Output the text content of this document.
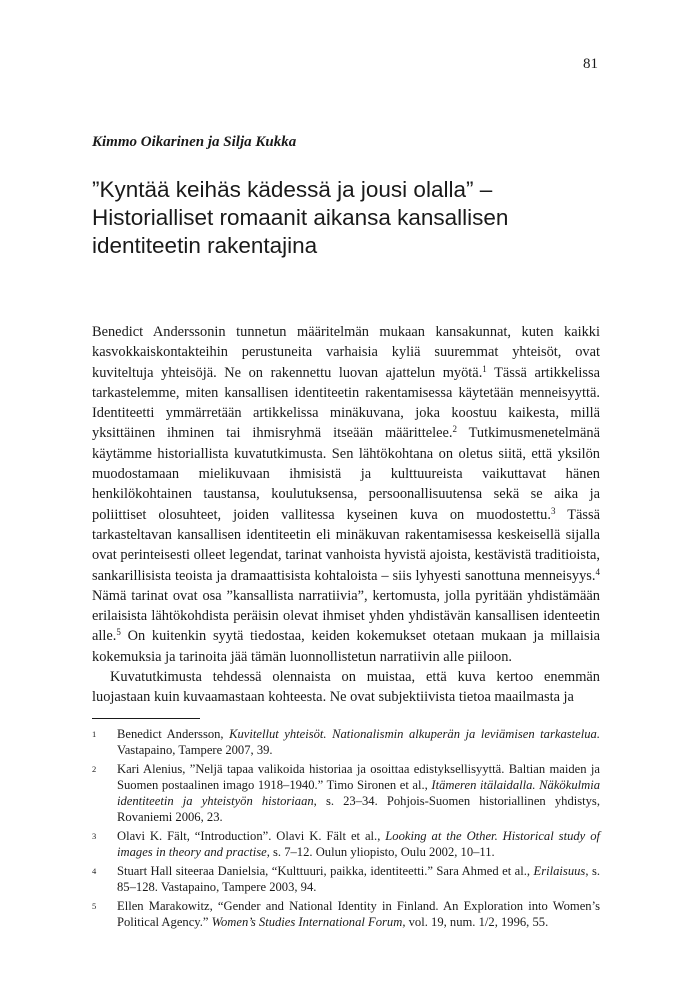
81
Kimmo Oikarinen ja Silja Kukka
”Kyntää keihäs kädessä ja jousi olalla” –
Historialliset romaanit aikansa kansallisen
identiteetin rakentajina

Benedict Anderssonin tunnetun määritelmän mukaan kansakunnat, kuten kaikki kasvokkaiskontakteihin perustuneita varhaisia kyliä suuremmat yhteisöt, ovat kuviteltuja yhteisöjä. Ne on rakennettu luovan ajattelun myötä.$^1$ Tässä artikkelissa tarkastelemme, miten kansallisen identiteetin rakentamisessa käytetään menneisyyttä. Identiteetti ymmärretään artikkelissa minäkuvana, joka koostuu kaikesta, millä yksittäinen ihminen tai ihmisryhmä itseään määrittelee.$^2$ Tutkimusmenetelmänä käytämme historiallista kuvatutkimusta. Sen lähtökohtana on oletus siitä, että yksilön muodostamaan mielikuvaan ihmisistä ja kulttuureista vaikuttavat hänen henkilökohtainen taustansa, koulutuksensa, persoonallisuutensa sekä se aika ja poliittiset olosuhteet, joiden vallitessa kyseinen kuva on muodostettu.$^3$ Tässä tarkasteltavan kansallisen identiteetin eli minäkuvan rakentamisessa keskeisellä sijalla ovat perinteisesti olleet legendat, tarinat vanhoista hyvistä ajoista, kestävistä traditioista, sankarillisista teoista ja dramaattisista kohtaloista – siis lyhyesti sanottuna menneisyys.$^4$ Nämä tarinat ovat osa ”kansallista narratiivia”, kertomusta, jolla pyritään yhdistämään erilaisista lähtökohdista peräisin olevat ihmiset yhden yhdistävän kansallisen identeetin alle.$^5$ On kuitenkin syytä tiedostaa, keiden kokemukset otetaan mukaan ja millaisia kokemuksia ja tarinoita jää tämän luonnollistetun narratiivin alle piiloon.

Kuvatutkimusta tehdessä olennaista on muistaa, että kuva kertoo enemmän luojastaan kuin kuvaamastaan kohteesta. Ne ovat subjektiivista tietoa maailmasta ja

1 Benedict Andersson, Kuvitellut yhteisöt. Nationalismin alkuperän ja leviämisen tarkastelua. Vastapaino, Tampere 2007, 39.
2 Kari Alenius, ”Neljä tapaa valikoida historiaa ja osoittaa edistyksellisyyttä. Baltian maiden ja Suomen postaalinen imago 1918–1940.” Timo Sironen et al., Itämeren itälaidalla. Näkökulmia identiteetin ja yhteistyön historiaan, s. 23–34. Pohjois-Suomen historiallinen yhdistys, Rovaniemi 2006, 23.
3 Olavi K. Fält, “Introduction”. Olavi K. Fält et al., Looking at the Other. Historical study of images in theory and practise, s. 7–12. Oulun yliopisto, Oulu 2002, 10–11.
4 Stuart Hall siteeraa Danielsia, “Kulttuuri, paikka, identiteetti.” Sara Ahmed et al., Erilaisuus, s. 85–128. Vastapaino, Tampere 2003, 94.
5 Ellen Marakowitz, “Gender and National Identity in Finland. An Exploration into Women’s Political Agency.” Women’s Studies International Forum, vol. 19, num. 1/2, 1996, 55.
